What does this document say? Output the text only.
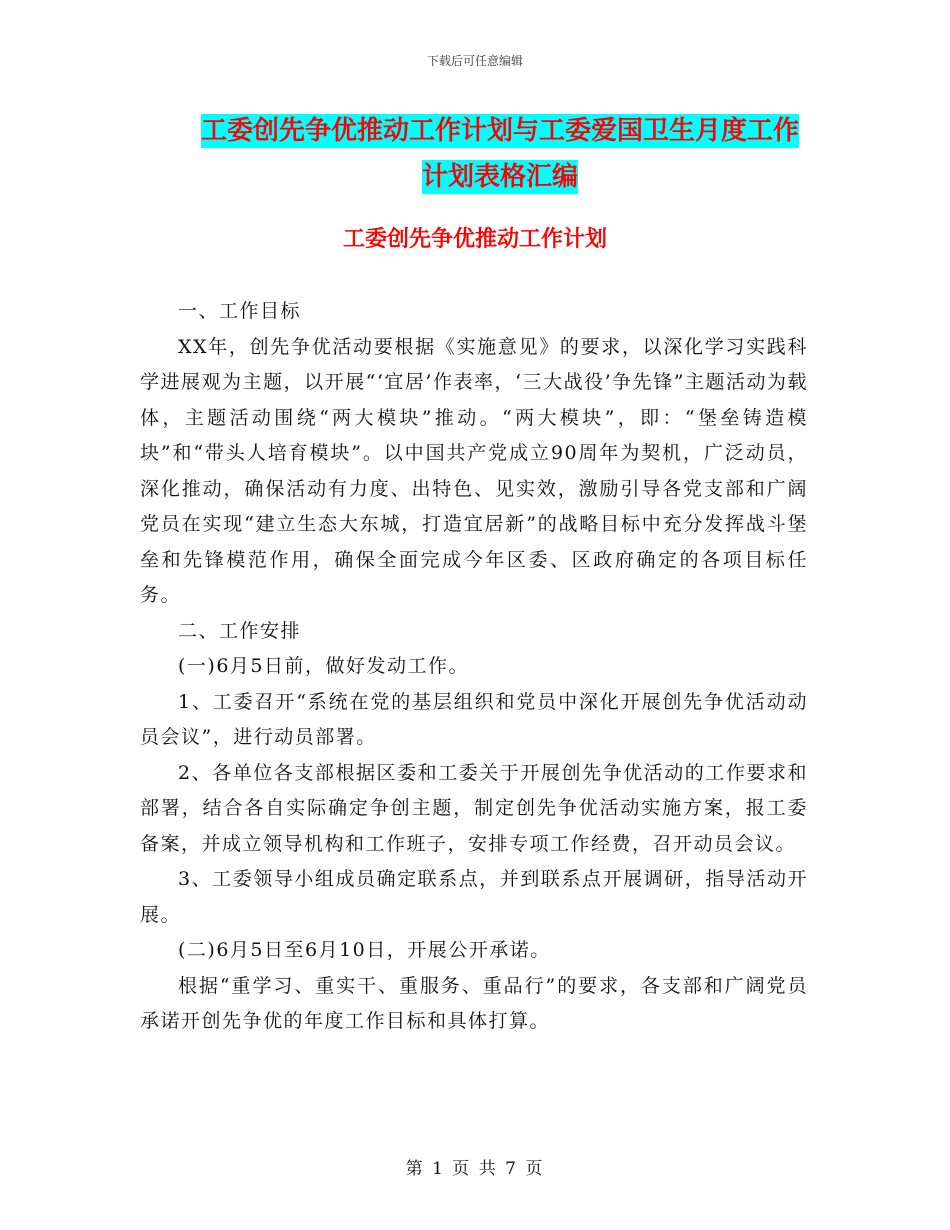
下载后可任意编辑
工委创先争优推动工作计划与工委爱国卫生月度工作
计划表格汇编
工委创先争优推动工作计划

一、工作目标

XX年，创先争优活动要根据《实施意见》的要求，以深化学习实践科学进展观为主题，以开展“‘宜居’作表率，‘三大战役’争先锋”主题活动为载体，主题活动围绕“两大模块”推动。“两大模块”，即：“堡垒铸造模块”和“带头人培育模块”。以中国共产党成立90周年为契机，广泛动员，深化推动，确保活动有力度、出特色、见实效，激励引导各党支部和广阔党员在实现“建立生态大东城，打造宜居新”的战略目标中充分发挥战斗堡垒和先锋模范作用，确保全面完成今年区委、区政府确定的各项目标任务。

二、工作安排

(一)6月5日前，做好发动工作。

1、工委召开“系统在党的基层组织和党员中深化开展创先争优活动动员会议”，进行动员部署。

2、各单位各支部根据区委和工委关于开展创先争优活动的工作要求和部署，结合各自实际确定争创主题，制定创先争优活动实施方案，报工委备案，并成立领导机构和工作班子，安排专项工作经费，召开动员会议。

3、工委领导小组成员确定联系点，并到联系点开展调研，指导活动开展。

(二)6月5日至6月10日，开展公开承诺。

根据“重学习、重实干、重服务、重品行”的要求，各支部和广阔党员承诺开创先争优的年度工作目标和具体打算。

第 1 页 共 7 页
